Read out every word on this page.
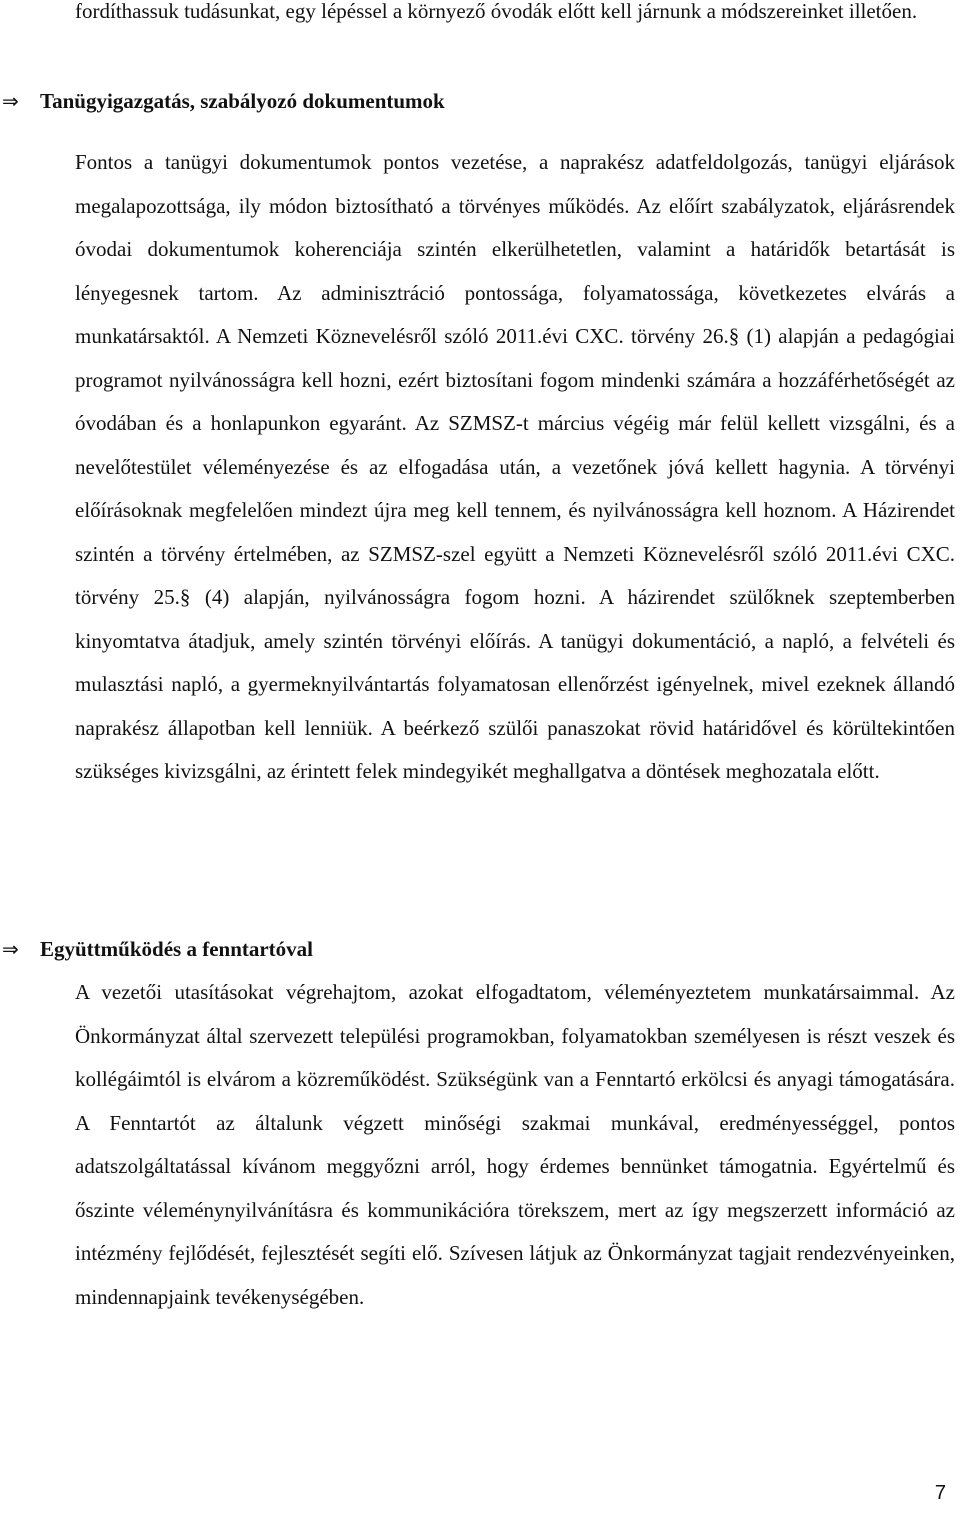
fordíthassuk tudásunkat, egy lépéssel a környező óvodák előtt kell járnunk a módszereinket illetően.

⇒ Tanügyigazgatás, szabályozó dokumentumok

Fontos a tanügyi dokumentumok pontos vezetése, a naprakész adatfeldolgozás, tanügyi eljárások megalapozottsága, ily módon biztosítható a törvényes működés. Az előírt szabályzatok, eljárásrendek óvodai dokumentumok koherenciája szintén elkerülhetetlen, valamint a határidők betartását is lényegesnek tartom. Az adminisztráció pontossága, folyamatossága, következetes elvárás a munkatársaktól. A Nemzeti Köznevelésről szóló 2011.évi CXC. törvény 26.§ (1) alapján a pedagógiai programot nyilvánosságra kell hozni, ezért biztosítani fogom mindenki számára a hozzáférhetőségét az óvodában és a honlapunkon egyaránt. Az SZMSZ-t március végéig már felül kellett vizsgálni, és a nevelőtestület véleményezése és az elfogadása után, a vezetőnek jóvá kellett hagynia. A törvényi előírásoknak megfelelően mindezt újra meg kell tennem, és nyilvánosságra kell hoznom. A Házirendet szintén a törvény értelmében, az SZMSZ-szel együtt a Nemzeti Köznevelésről szóló 2011.évi CXC. törvény 25.§ (4) alapján, nyilvánosságra fogom hozni. A házirendet szülőknek szeptemberben kinyomtatva átadjuk, amely szintén törvényi előírás. A tanügyi dokumentáció, a napló, a felvételi és mulasztási napló, a gyermeknyilvántartás folyamatosan ellenőrzést igényelnek, mivel ezeknek állandó naprakész állapotban kell lenniük. A beérkező szülői panaszokat rövid határidővel és körültekintően szükséges kivizsgálni, az érintett felek mindegyikét meghallgatva a döntések meghozatala előtt.

⇒ Együttműködés a fenntartóval

A vezetői utasításokat végrehajtom, azokat elfogadtatom, véleményeztetem munkatársaimmal. Az Önkormányzat által szervezett települési programokban, folyamatokban személyesen is részt veszek és kollégáimtól is elvárom a közreműködést. Szükségünk van a Fenntartó erkölcsi és anyagi támogatására. A Fenntartót az általunk végzett minőségi szakmai munkával, eredményességgel, pontos adatszolgáltatással kívánom meggyőzni arról, hogy érdemes bennünket támogatnia. Egyértelmű és őszinte véleménynyilvánításra és kommunikációra törekszem, mert az így megszerzett információ az intézmény fejlődését, fejlesztését segíti elő. Szívesen látjuk az Önkormányzat tagjait rendezvényeinken, mindennapjaink tevékenységében.

7
